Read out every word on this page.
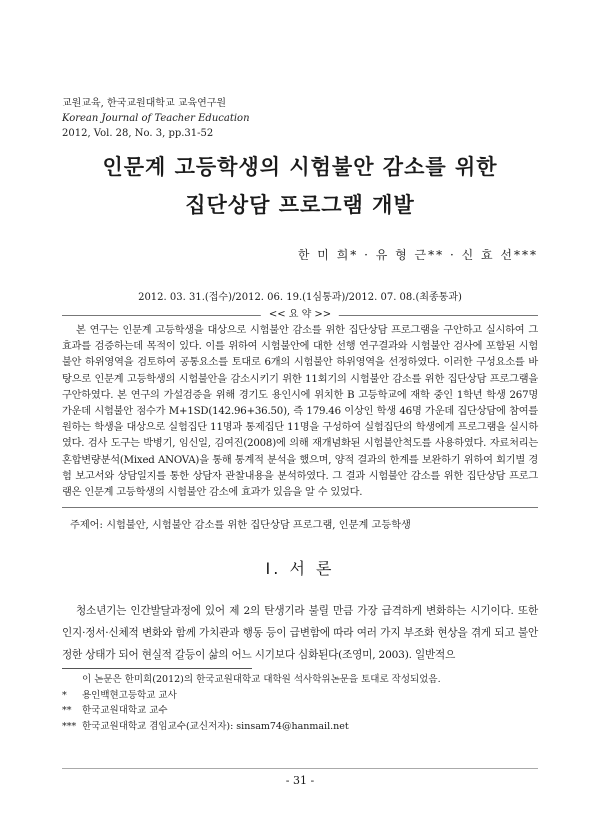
교원교육, 한국교원대학교 교육연구원
Korean Journal of Teacher Education
2012, Vol. 28, No. 3, pp.31-52
인문계 고등학생의 시험불안 감소를 위한
집단상담 프로그램 개발
한 미 희* · 유 형 근** · 신 효 선***
2012. 03. 31.(접수)/2012. 06. 19.(1심통과)/2012. 07. 08.(최종통과)
<< 요 약 >>

본 연구는 인문계 고등학생을 대상으로 시험불안 감소를 위한 집단상담 프로그램을 구안하고 실시하여 그 효과를 검증하는데 목적이 있다. 이를 위하여 시험불안에 대한 선행 연구결과와 시험불안 검사에 포함된 시험불안 하위영역을 검토하여 공통요소를 토대로 6개의 시험불안 하위영역을 선정하였다. 이러한 구성요소를 바탕으로 인문계 고등학생의 시험불안을 감소시키기 위한 11회기의 시험불안 감소를 위한 집단상담 프로그램을 구안하였다. 본 연구의 가설검증을 위해 경기도 용인시에 위치한 B 고등학교에 재학 중인 1학년 학생 267명 가운데 시험불안 점수가 M+1SD(142.96+36.50), 즉 179.46 이상인 학생 46명 가운데 집단상담에 참여를 원하는 학생을 대상으로 실험집단 11명과 통제집단 11명을 구성하여 실험집단의 학생에게 프로그램을 실시하였다. 검사 도구는 박병기, 임신일, 김여진(2008)에 의해 재개념화된 시험불안척도를 사용하였다. 자료처리는 혼합변량분석(Mixed ANOVA)을 통해 통계적 분석을 했으며, 양적 결과의 한계를 보완하기 위하여 회기별 경험 보고서와 상담일지를 통한 상담자 관찰내용을 분석하였다. 그 결과 시험불안 감소를 위한 집단상담 프로그램은 인문계 고등학생의 시험불안 감소에 효과가 있음을 알 수 있었다.

주제어: 시험불안, 시험불안 감소를 위한 집단상담 프로그램, 인문계 고등학생
Ⅰ. 서 론

청소년기는 인간발달과정에 있어 제 2의 탄생기라 불릴 만큼 가장 급격하게 변화하는 시기이다. 또한 인지·정서·신체적 변화와 함께 가치관과 행동 등이 급변함에 따라 여러 가지 부조화 현상을 겪게 되고 불안정한 상태가 되어 현실적 갈등이 삶의 어느 시기보다 심화된다(조영미, 2003). 일반적으

이 논문은 한미희(2012)의 한국교원대학교 대학원 석사학위논문을 토대로 작성되었음.
* 용인백현고등학교 교사
** 한국교원대학교 교수
*** 한국교원대학교 겸임교수(교신저자): sinsam74@hanmail.net
- 31 -
